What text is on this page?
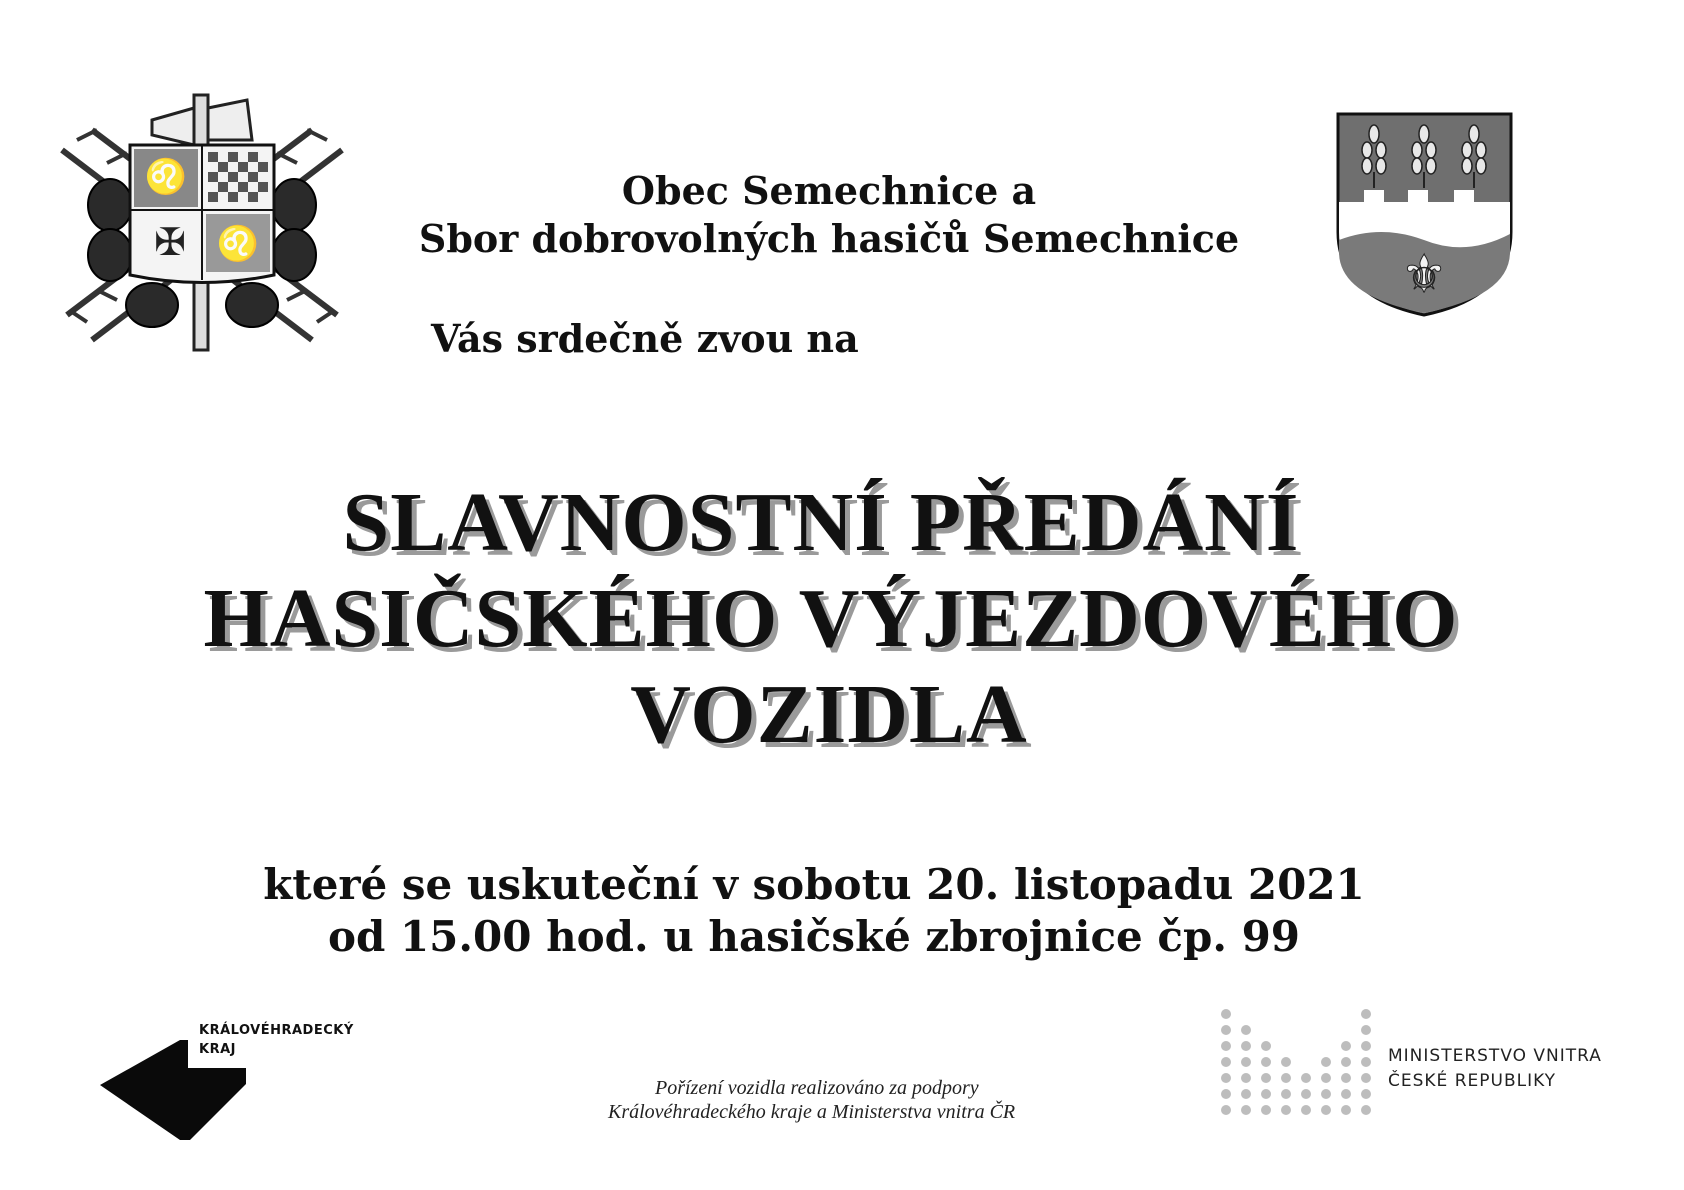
♌
✠ ♌
⚜
Obec Semechnice a
Sbor dobrovolných hasičů Semechnice
Vás srdečně zvou na
SLAVNOSTNÍ PŘEDÁNÍ
HASIČSKÉHO VÝJEZDOVÉHO
VOZIDLA
které se uskuteční v sobotu 20. listopadu 2021
od 15.00 hod. u hasičské zbrojnice čp. 99
KRÁLOVÉHRADECKÝ
KRAJ
Pořízení vozidla realizováno za podpory
Královéhradeckého kraje a Ministerstva vnitra ČR
MINISTERSTVO VNITRA
ČESKÉ REPUBLIKY
